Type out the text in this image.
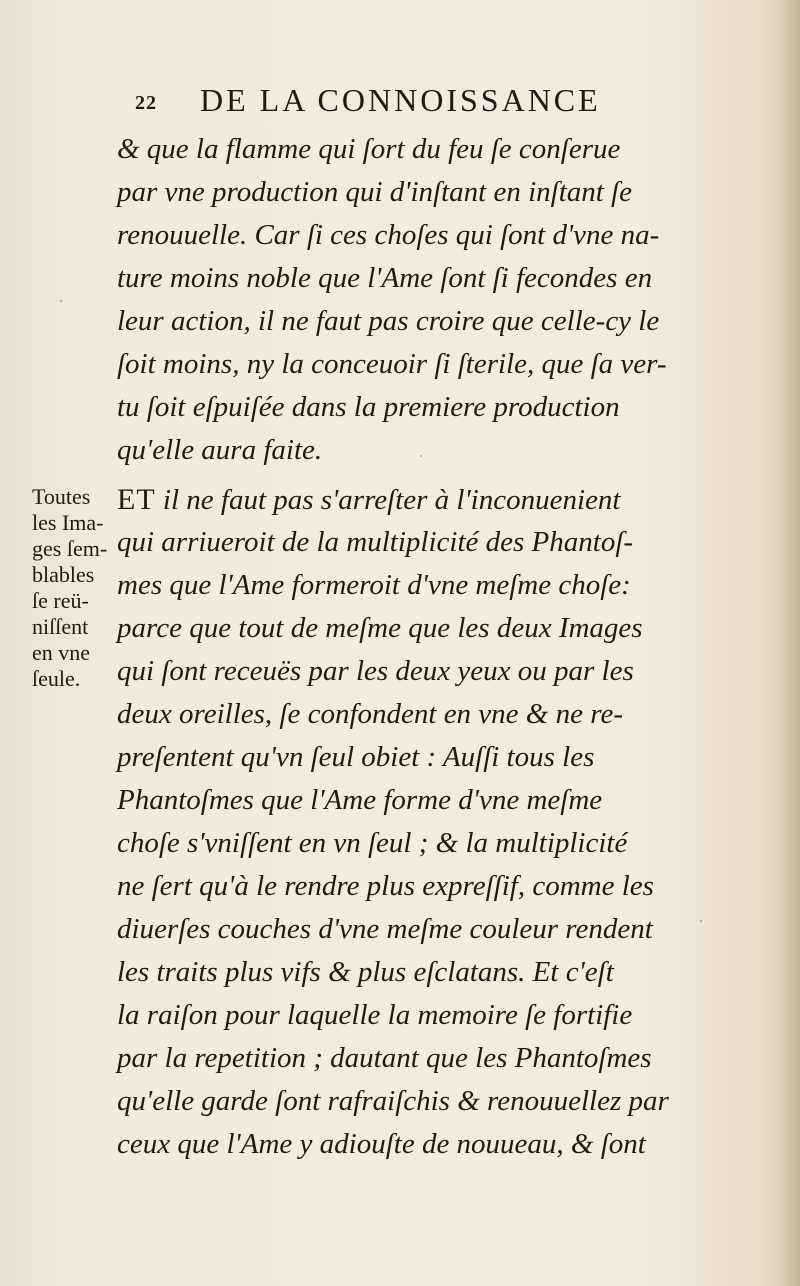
22 DE LA CONNOISSANCE
& que la flamme qui ſort du feu ſe conſerue
par vne production qui d'inſtant en inſtant ſe
renouuelle. Car ſi ces choſes qui ſont d'vne na-
ture moins noble que l'Ame ſont ſi fecondes en
leur action, il ne faut pas croire que celle-cy le
ſoit moins, ny la conceuoir ſi ſterile, que ſa ver-
tu ſoit eſpuiſée dans la premiere production
qu'elle aura faite.
Toutes
les Ima-
ges ſem-
blables
ſe reü-
niſſent
en vne
ſeule.
ET il ne faut pas s'arreſter à l'inconuenient
qui arriueroit de la multiplicité des Phantoſ-
mes que l'Ame formeroit d'vne meſme choſe:
parce que tout de meſme que les deux Images
qui ſont receuës par les deux yeux ou par les
deux oreilles, ſe confondent en vne & ne re-
preſentent qu'vn ſeul obiet : Auſſi tous les
Phantoſmes que l'Ame forme d'vne meſme
choſe s'vniſſent en vn ſeul ; & la multiplicité
ne ſert qu'à le rendre plus expreſſif, comme les
diuerſes couches d'vne meſme couleur rendent
les traits plus vifs & plus eſclatans. Et c'eſt
la raiſon pour laquelle la memoire ſe fortifie
par la repetition ; dautant que les Phantoſmes
qu'elle garde ſont rafraiſchis & renouuellez par
ceux que l'Ame y adiouſte de nouueau, & ſont
